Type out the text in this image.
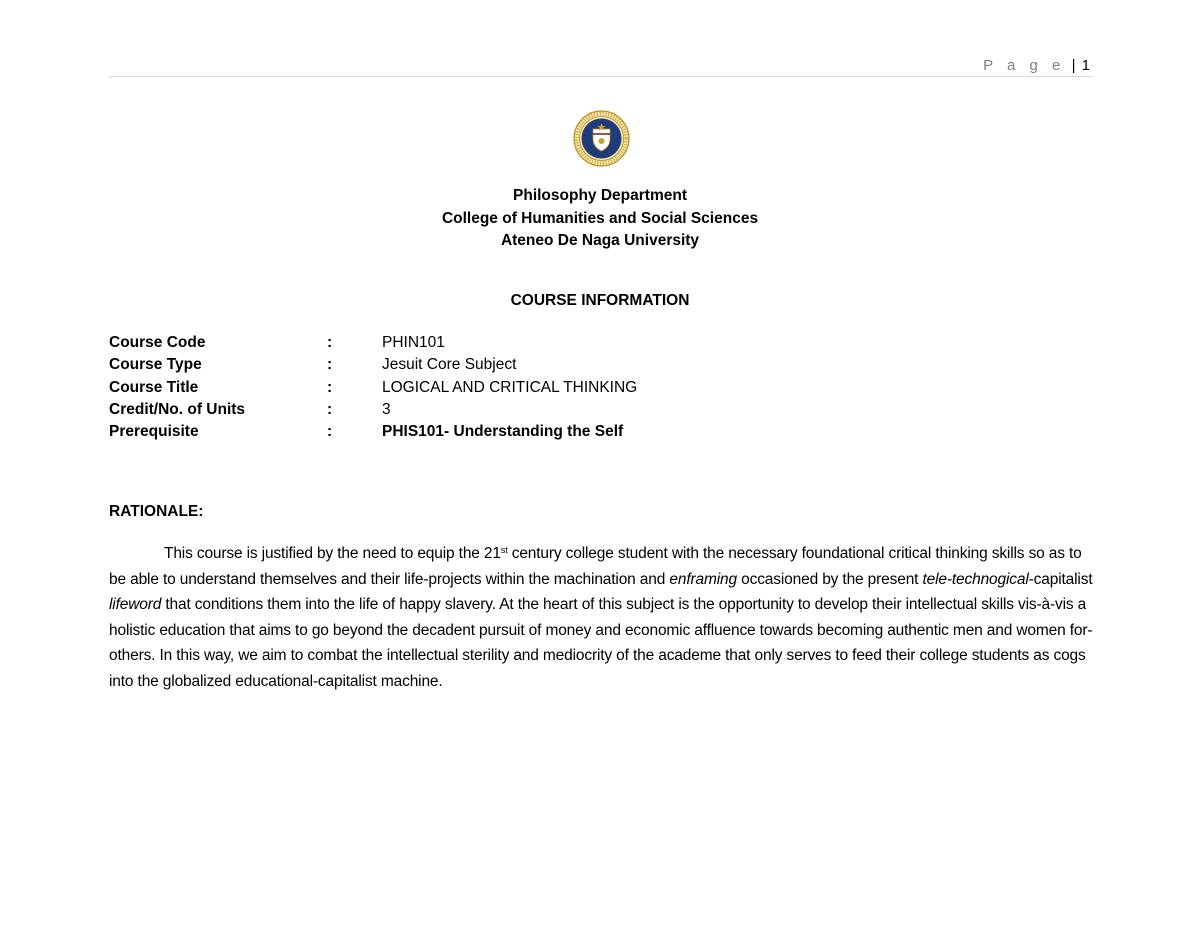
P a g e | 1
Philosophy Department
College of Humanities and Social Sciences
Ateneo De Naga University
COURSE INFORMATION
Course Code	:	PHIN101
Course Type	:	Jesuit Core Subject
Course Title	:	LOGICAL AND CRITICAL THINKING
Credit/No. of Units	:	3
Prerequisite	:	PHIS101- Understanding the Self
RATIONALE:

This course is justified by the need to equip the 21st century college student with the necessary foundational critical thinking skills so as to be able to understand themselves and their life-projects within the machination and enframing occasioned by the present tele-technogical-capitalist lifeword that conditions them into the life of happy slavery. At the heart of this subject is the opportunity to develop their intellectual skills vis-à-vis a holistic education that aims to go beyond the decadent pursuit of money and economic affluence towards becoming authentic men and women for-others. In this way, we aim to combat the intellectual sterility and mediocrity of the academe that only serves to feed their college students as cogs into the globalized educational-capitalist machine.
